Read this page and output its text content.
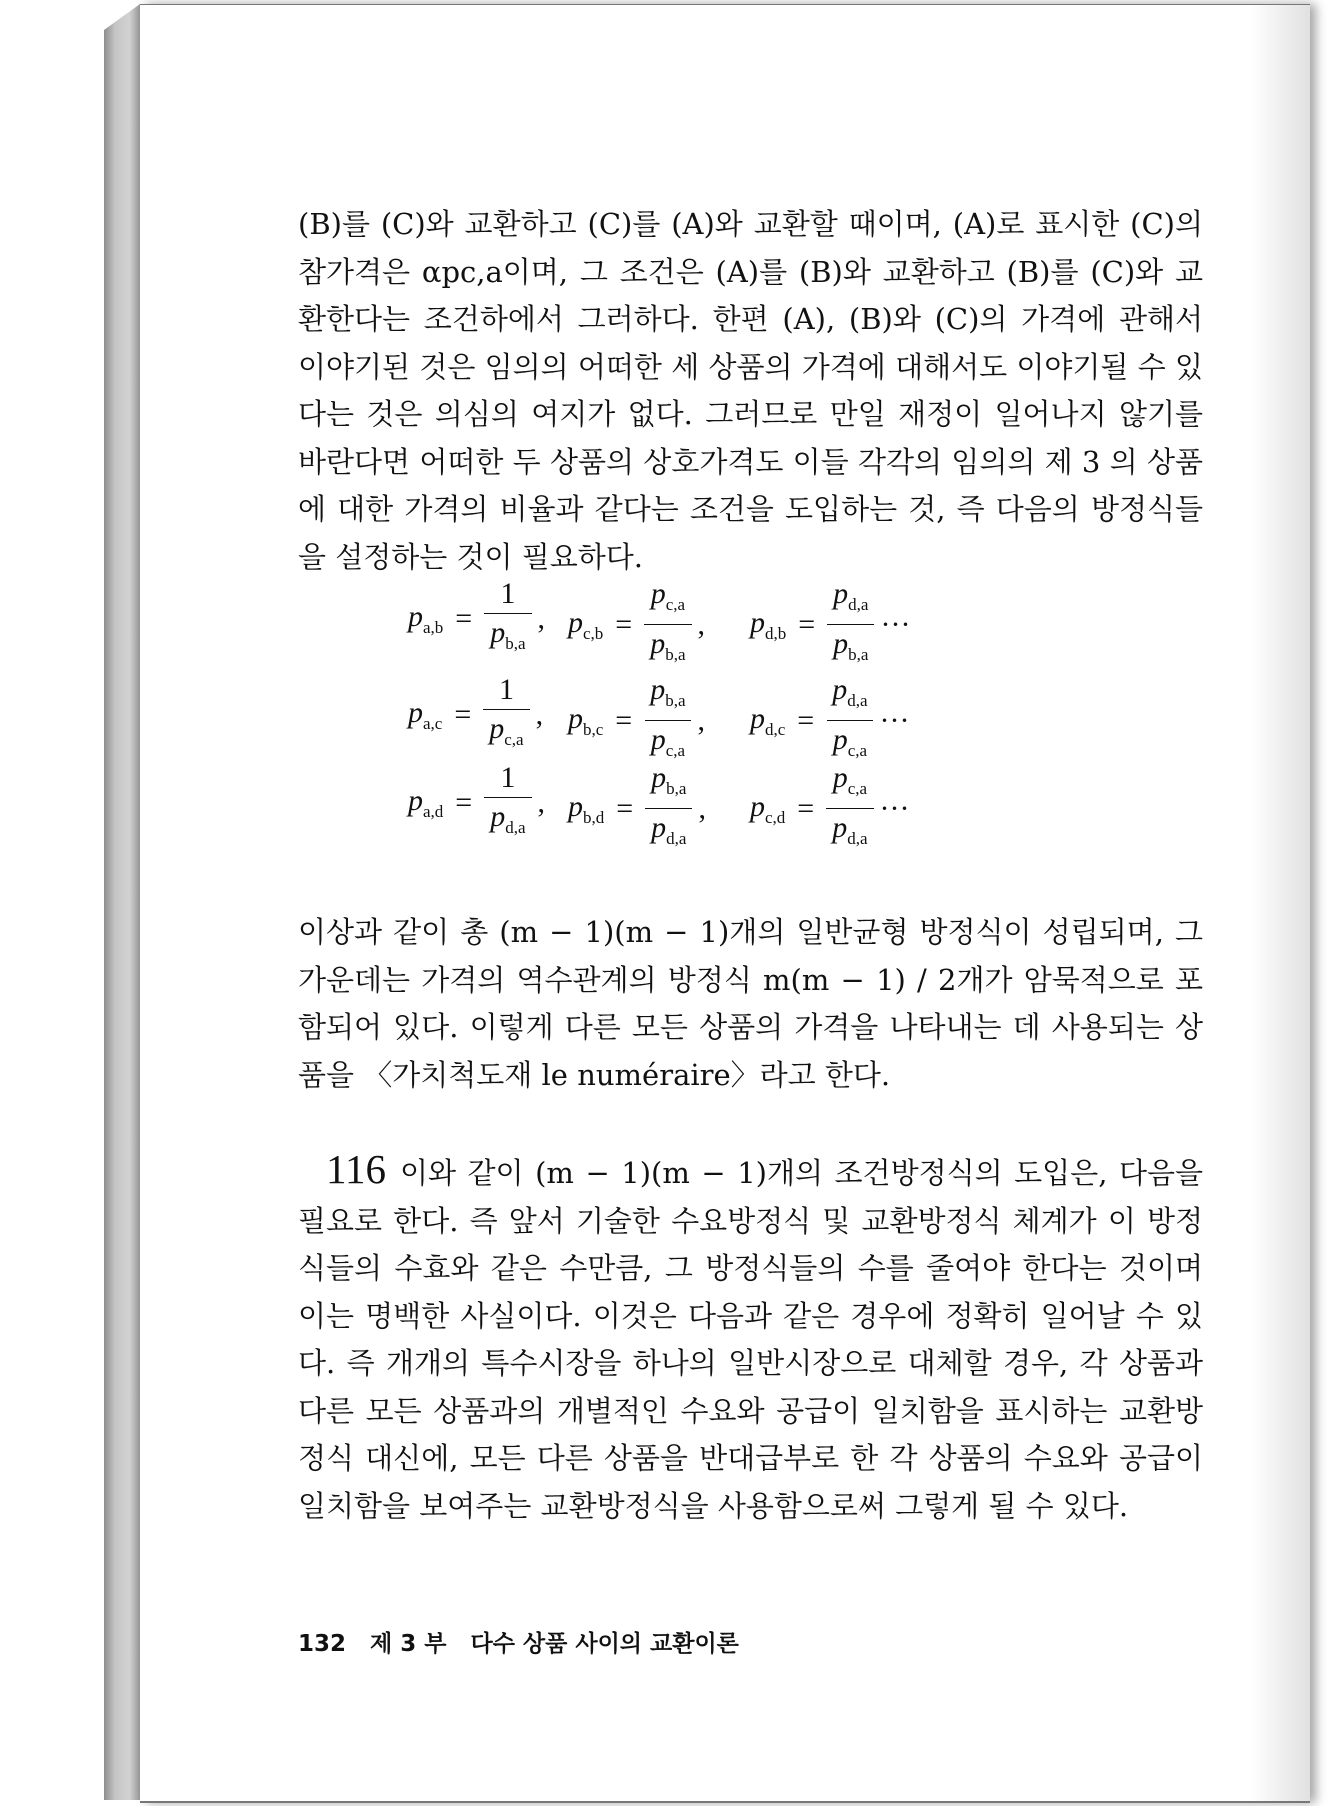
(B)를 (C)와 교환하고 (C)를 (A)와 교환할 때이며, (A)로 표시한 (C)의 참가격은 αpc,a이며, 그 조건은 (A)를 (B)와 교환하고 (B)를 (C)와 교환한다는 조건하에서 그러하다. 한편 (A), (B)와 (C)의 가격에 관해서 이야기된 것은 임의의 어떠한 세 상품의 가격에 대해서도 이야기될 수 있다는 것은 의심의 여지가 없다. 그러므로 만일 재정이 일어나지 않기를 바란다면 어떠한 두 상품의 상호가격도 이들 각각의 임의의 제 3 의 상품에 대한 가격의 비율과 같다는 조건을 도입하는 것, 즉 다음의 방정식들을 설정하는 것이 필요하다.

$p_{a,b} = \frac{1}{p_{b,a}}$ , $p_{c,b} = \frac{p_{c,a}}{p_{b,a}}$ , $p_{d,b} = \frac{p_{d,a}}{p_{b,a}}$ ···
$p_{a,c} = \frac{1}{p_{c,a}}$ , $p_{b,c} = \frac{p_{b,a}}{p_{c,a}}$ , $p_{d,c} = \frac{p_{d,a}}{p_{c,a}}$ ···
$p_{a,d} = \frac{1}{p_{d,a}}$ , $p_{b,d} = \frac{p_{b,a}}{p_{d,a}}$ , $p_{c,d} = \frac{p_{c,a}}{p_{d,a}}$ ···

이상과 같이 총 (m − 1)(m − 1)개의 일반균형 방정식이 성립되며, 그 가운데는 가격의 역수관계의 방정식 m(m − 1) / 2개가 암묵적으로 포함되어 있다. 이렇게 다른 모든 상품의 가격을 나타내는 데 사용되는 상품을 〈가치척도재 le numéraire〉라고 한다.

116 이와 같이 (m − 1)(m − 1)개의 조건방정식의 도입은, 다음을 필요로 한다. 즉 앞서 기술한 수요방정식 및 교환방정식 체계가 이 방정식들의 수효와 같은 수만큼, 그 방정식들의 수를 줄여야 한다는 것이며 이는 명백한 사실이다. 이것은 다음과 같은 경우에 정확히 일어날 수 있다. 즉 개개의 특수시장을 하나의 일반시장으로 대체할 경우, 각 상품과 다른 모든 상품과의 개별적인 수요와 공급이 일치함을 표시하는 교환방정식 대신에, 모든 다른 상품을 반대급부로 한 각 상품의 수요와 공급이 일치함을 보여주는 교환방정식을 사용함으로써 그렇게 될 수 있다.

132 제 3 부 다수 상품 사이의 교환이론
